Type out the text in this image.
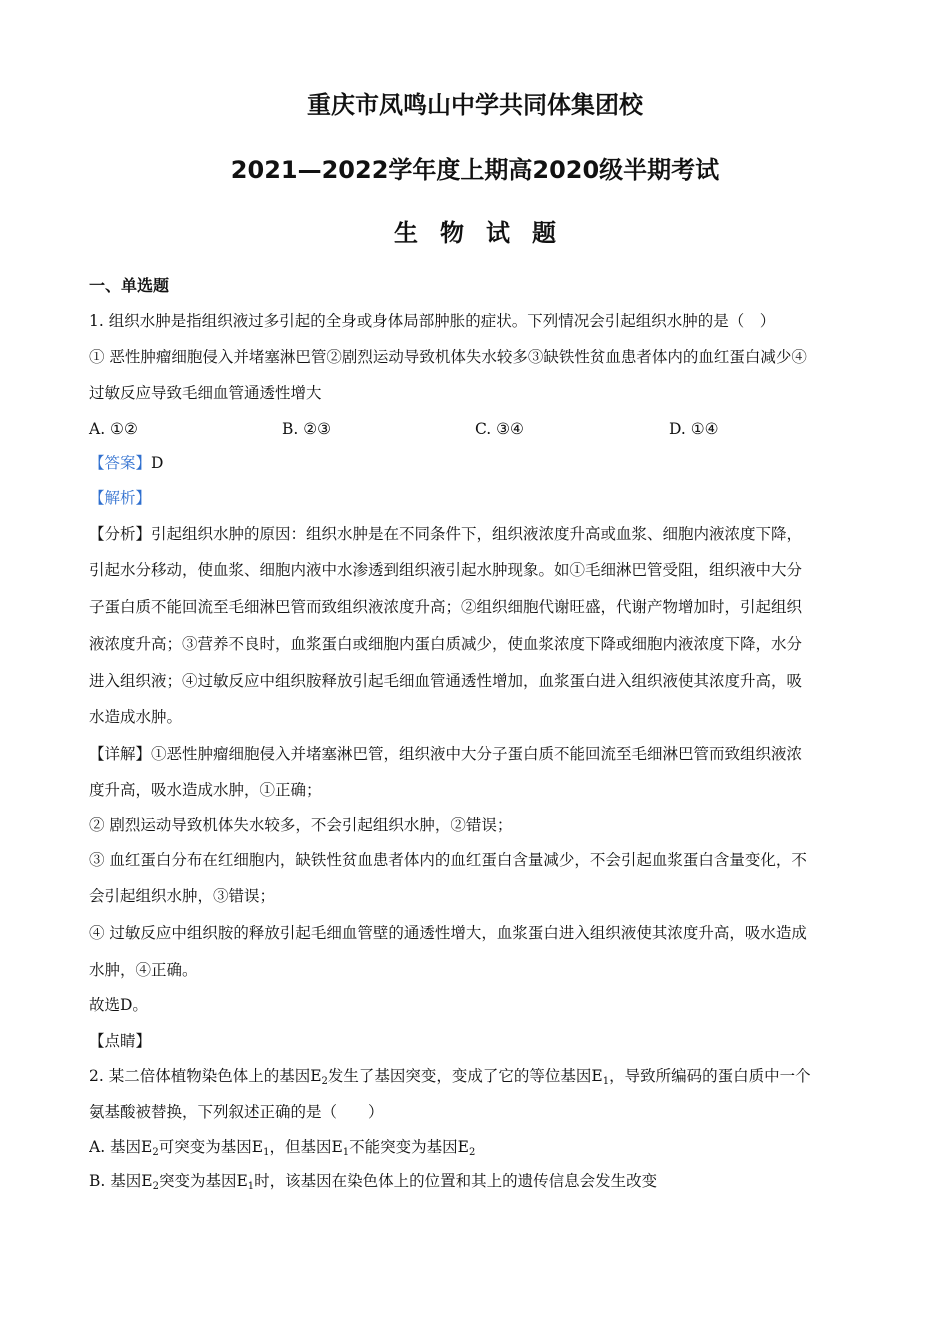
重庆市凤鸣山中学共同体集团校
2021—2022学年度上期高2020级半期考试
生物试题
一、单选题
1. 组织水肿是指组织液过多引起的全身或身体局部肿胀的症状。下列情况会引起组织水肿的是（　）
① 恶性肿瘤细胞侵入并堵塞淋巴管②剧烈运动导致机体失水较多③缺铁性贫血患者体内的血红蛋白减少④
过敏反应导致毛细血管通透性增大
A. ①②	B. ②③	C. ③④	D. ①④
【答案】D
【解析】
【分析】引起组织水肿的原因：组织水肿是在不同条件下，组织液浓度升高或血浆、细胞内液浓度下降，
引起水分移动，使血浆、细胞内液中水渗透到组织液引起水肿现象。如①毛细淋巴管受阻，组织液中大分
子蛋白质不能回流至毛细淋巴管而致组织液浓度升高；②组织细胞代谢旺盛，代谢产物增加时，引起组织
液浓度升高；③营养不良时，血浆蛋白或细胞内蛋白质减少，使血浆浓度下降或细胞内液浓度下降，水分
进入组织液；④过敏反应中组织胺释放引起毛细血管通透性增加，血浆蛋白进入组织液使其浓度升高，吸
水造成水肿。
【详解】①恶性肿瘤细胞侵入并堵塞淋巴管，组织液中大分子蛋白质不能回流至毛细淋巴管而致组织液浓
度升高，吸水造成水肿，①正确；
② 剧烈运动导致机体失水较多，不会引起组织水肿，②错误；
③ 血红蛋白分布在红细胞内，缺铁性贫血患者体内的血红蛋白含量减少，不会引起血浆蛋白含量变化，不
会引起组织水肿，③错误；
④ 过敏反应中组织胺的释放引起毛细血管壁的通透性增大，血浆蛋白进入组织液使其浓度升高，吸水造成
水肿，④正确。
故选D。
【点睛】
2. 某二倍体植物染色体上的基因$E_2$发生了基因突变，变成了它的等位基因$E_1$，导致所编码的蛋白质中一个
氨基酸被替换，下列叙述正确的是（　　）
A. 基因$E_2$可突变为基因$E_1$，但基因$E_1$不能突变为基因$E_2$
B. 基因$E_2$突变为基因$E_1$时，该基因在染色体上的位置和其上的遗传信息会发生改变
